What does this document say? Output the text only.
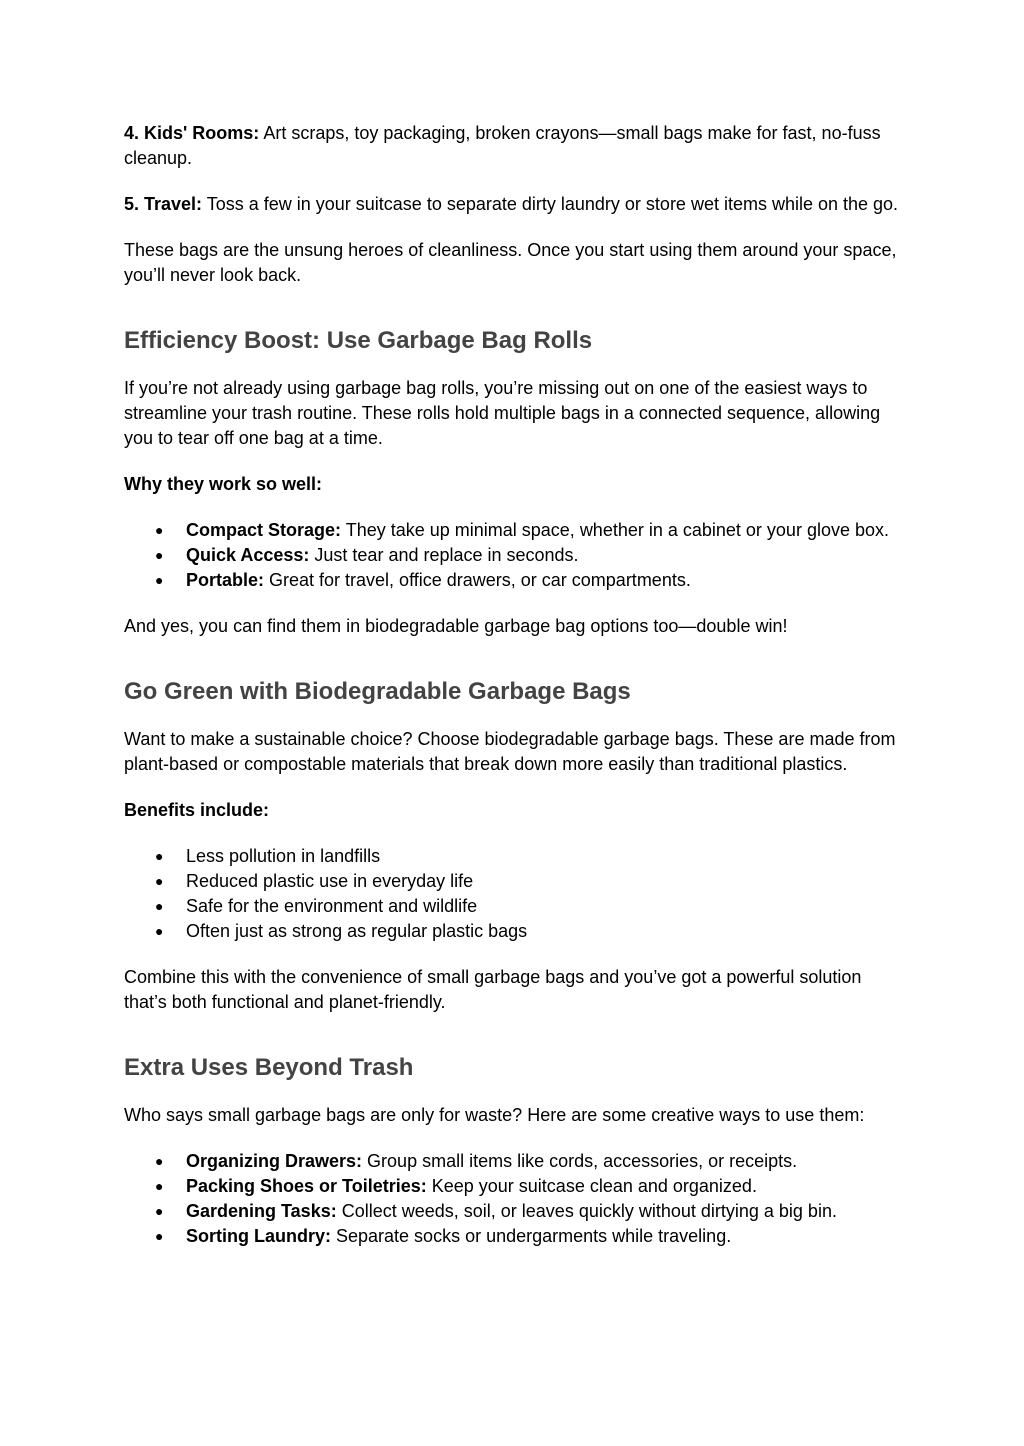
4. Kids' Rooms: Art scraps, toy packaging, broken crayons—small bags make for fast, no-fuss cleanup.

5. Travel: Toss a few in your suitcase to separate dirty laundry or store wet items while on the go.

These bags are the unsung heroes of cleanliness. Once you start using them around your space, you’ll never look back.

Efficiency Boost: Use Garbage Bag Rolls

If you’re not already using garbage bag rolls, you’re missing out on one of the easiest ways to streamline your trash routine. These rolls hold multiple bags in a connected sequence, allowing you to tear off one bag at a time.

Why they work so well:

● Compact Storage: They take up minimal space, whether in a cabinet or your glove box.
● Quick Access: Just tear and replace in seconds.
● Portable: Great for travel, office drawers, or car compartments.

And yes, you can find them in biodegradable garbage bag options too—double win!

Go Green with Biodegradable Garbage Bags

Want to make a sustainable choice? Choose biodegradable garbage bags. These are made from plant-based or compostable materials that break down more easily than traditional plastics.

Benefits include:

● Less pollution in landfills
● Reduced plastic use in everyday life
● Safe for the environment and wildlife
● Often just as strong as regular plastic bags

Combine this with the convenience of small garbage bags and you’ve got a powerful solution that’s both functional and planet-friendly.

Extra Uses Beyond Trash

Who says small garbage bags are only for waste? Here are some creative ways to use them:

● Organizing Drawers: Group small items like cords, accessories, or receipts.
● Packing Shoes or Toiletries: Keep your suitcase clean and organized.
● Gardening Tasks: Collect weeds, soil, or leaves quickly without dirtying a big bin.
● Sorting Laundry: Separate socks or undergarments while traveling.
